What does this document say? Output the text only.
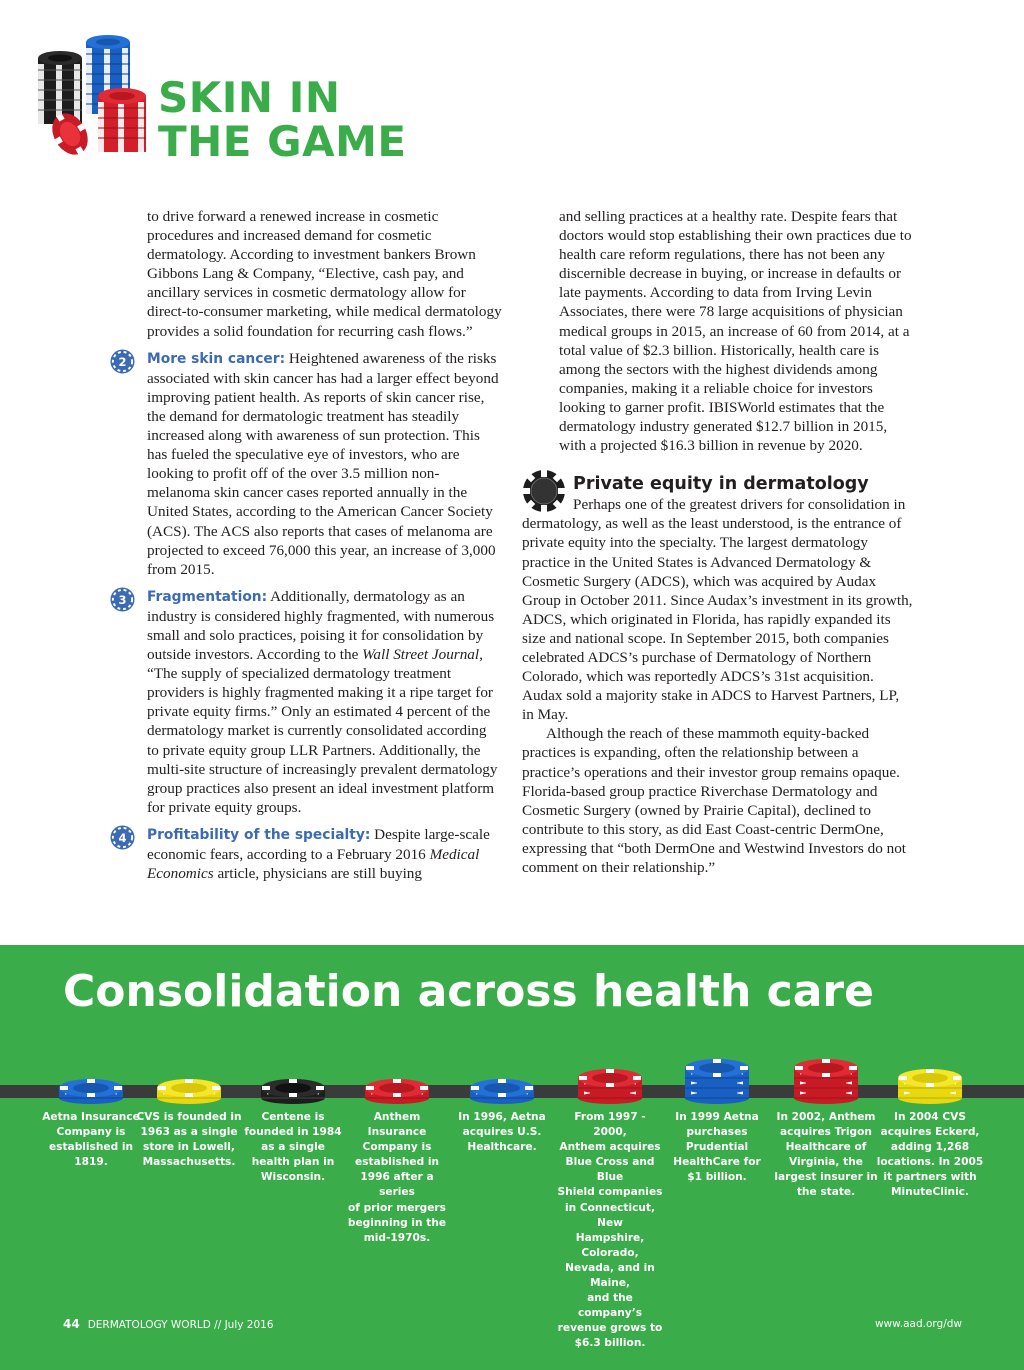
SKIN IN
THE GAME

to drive forward a renewed increase in cosmetic procedures and increased demand for cosmetic dermatology. According to investment bankers Brown Gibbons Lang & Company, “Elective, cash pay, and ancillary services in cosmetic dermatology allow for direct-to-consumer marketing, while medical dermatology provides a solid foundation for recurring cash flows.”

2 More skin cancer: Heightened awareness of the risks associated with skin cancer has had a larger effect beyond improving patient health. As reports of skin cancer rise, the demand for dermatologic treatment has steadily increased along with awareness of sun protection. This has fueled the speculative eye of investors, who are looking to profit off of the over 3.5 million non-melanoma skin cancer cases reported annually in the United States, according to the American Cancer Society (ACS). The ACS also reports that cases of melanoma are projected to exceed 76,000 this year, an increase of 3,000 from 2015.

3 Fragmentation: Additionally, dermatology as an industry is considered highly fragmented, with numerous small and solo practices, poising it for consolidation by outside investors. According to the Wall Street Journal, “The supply of specialized dermatology treatment providers is highly fragmented making it a ripe target for private equity firms.” Only an estimated 4 percent of the dermatology market is currently consolidated according to private equity group LLR Partners. Additionally, the multi-site structure of increasingly prevalent dermatology group practices also present an ideal investment platform for private equity groups.

4 Profitability of the specialty: Despite large-scale economic fears, according to a February 2016 Medical Economics article, physicians are still buying

and selling practices at a healthy rate. Despite fears that doctors would stop establishing their own practices due to health care reform regulations, there has not been any discernible decrease in buying, or increase in defaults or late payments. According to data from Irving Levin Associates, there were 78 large acquisitions of physician medical groups in 2015, an increase of 60 from 2014, at a total value of $2.3 billion. Historically, health care is among the sectors with the highest dividends among companies, making it a reliable choice for investors looking to garner profit. IBISWorld estimates that the dermatology industry generated $12.7 billion in 2015, with a projected $16.3 billion in revenue by 2020.

Private equity in dermatology

Perhaps one of the greatest drivers for consolidation in dermatology, as well as the least understood, is the entrance of private equity into the specialty. The largest dermatology practice in the United States is Advanced Dermatology & Cosmetic Surgery (ADCS), which was acquired by Audax Group in October 2011. Since Audax’s investment in its growth, ADCS, which originated in Florida, has rapidly expanded its size and national scope. In September 2015, both companies celebrated ADCS’s purchase of Dermatology of Northern Colorado, which was reportedly ADCS’s 31st acquisition. Audax sold a majority stake in ADCS to Harvest Partners, LP, in May.

Although the reach of these mammoth equity-backed practices is expanding, often the relationship between a practice’s operations and their investor group remains opaque. Florida-based group practice Riverchase Dermatology and Cosmetic Surgery (owned by Prairie Capital), declined to contribute to this story, as did East Coast-centric DermOne, expressing that “both DermOne and Westwind Investors do not comment on their relationship.”

Consolidation across health care
Aetna Insurance
Company is
established in
1819.
CVS is founded in
1963 as a single
store in Lowell,
Massachusetts.
Centene is
founded in 1984
as a single
health plan in
Wisconsin.
Anthem Insurance
Company is
established in
1996 after a series
of prior mergers
beginning in the
mid-1970s.
In 1996, Aetna
acquires U.S.
Healthcare.
From 1997 - 2000,
Anthem acquires
Blue Cross and Blue
Shield companies
in Connecticut, New
Hampshire, Colorado,
Nevada, and in Maine,
and the company’s
revenue grows to
$6.3 billion.
In 1999 Aetna
purchases
Prudential
HealthCare for
$1 billion.
In 2002, Anthem
acquires Trigon
Healthcare of
Virginia, the
largest insurer in
the state.
In 2004 CVS
acquires Eckerd,
adding 1,268
locations. In 2005
it partners with
MinuteClinic.
44 DERMATOLOGY WORLD // July 2016	www.aad.org/dw
